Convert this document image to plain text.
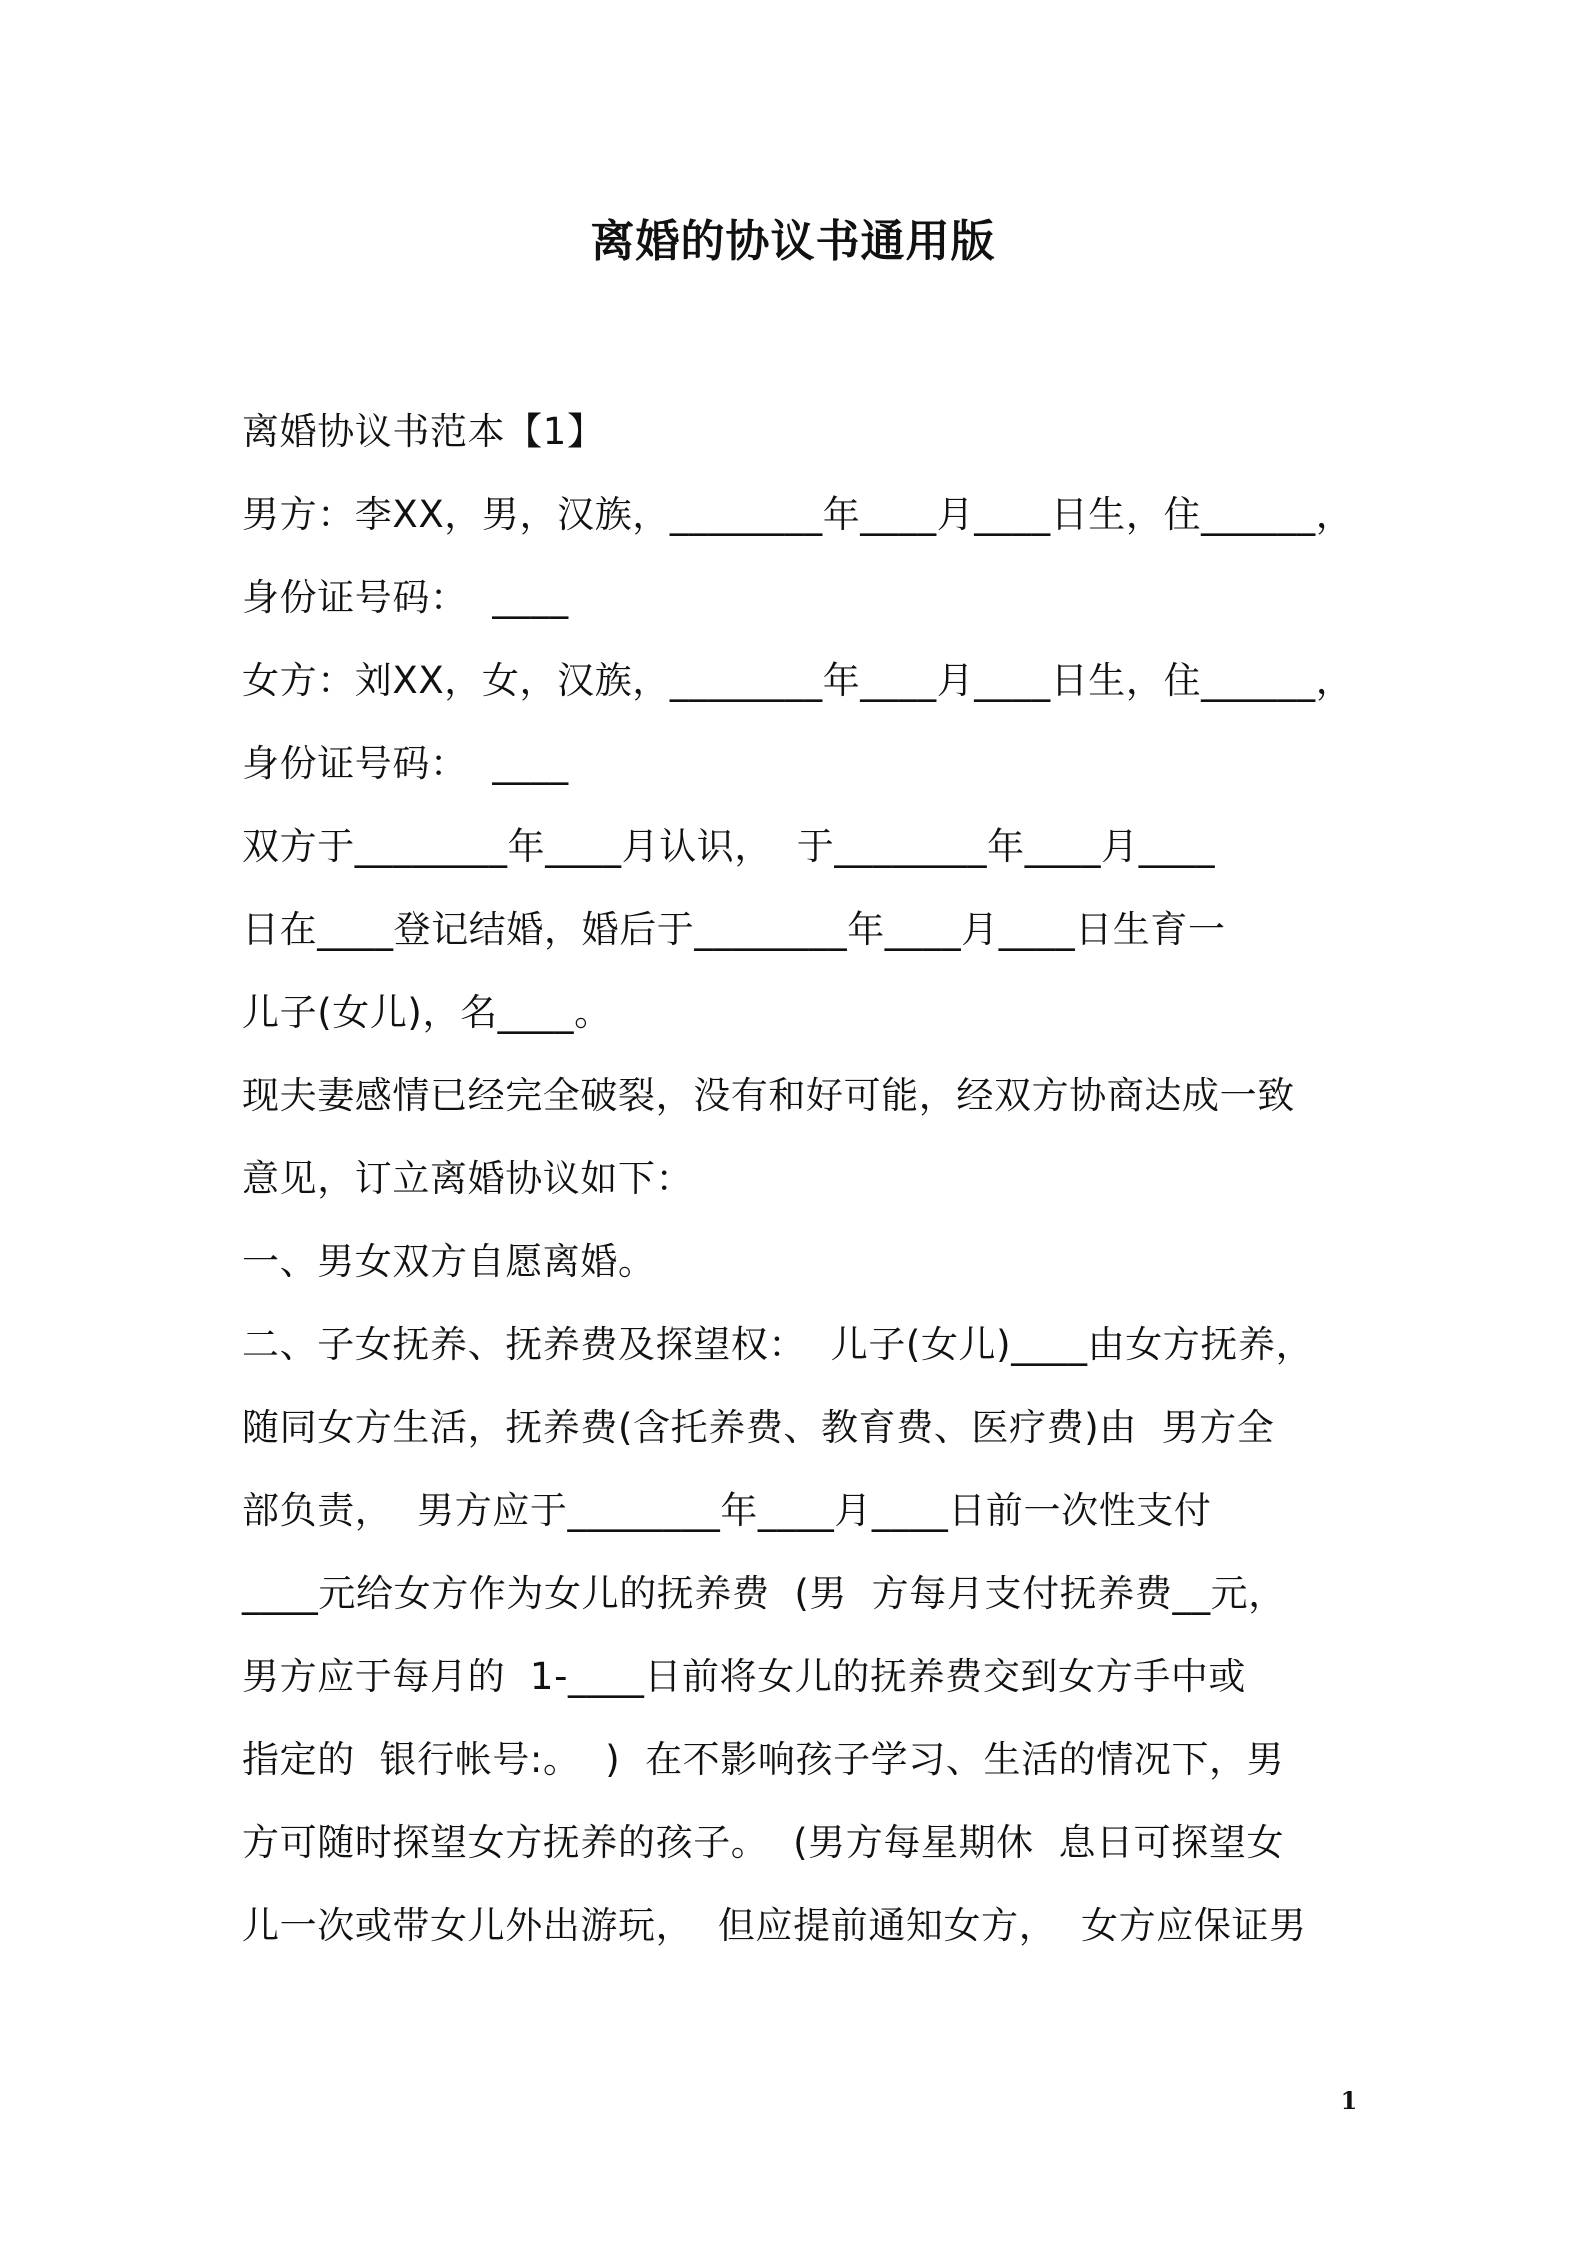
离婚的协议书通用版
离婚协议书范本【1】
男方：李XX，男，汉族，________年____月____日生，住______，
身份证号码：  ____
女方：刘XX，女，汉族，________年____月____日生，住______，
身份证号码：  ____
双方于________年____月认识，  于________年____月____
日在____登记结婚，婚后于________年____月____日生育一
儿子(女儿)，名____。
现夫妻感情已经完全破裂，没有和好可能，经双方协商达成一致
意见，订立离婚协议如下：
一、男女双方自愿离婚。
二、子女抚养、抚养费及探望权：  儿子(女儿)____由女方抚养，
随同女方生活，抚养费(含托养费、教育费、医疗费)由  男方全
部负责，  男方应于________年____月____日前一次性支付
____元给女方作为女儿的抚养费  (男  方每月支付抚养费__元，
男方应于每月的  1-____日前将女儿的抚养费交到女方手中或
指定的  银行帐号:。  )  在不影响孩子学习、生活的情况下，男
方可随时探望女方抚养的孩子。  (男方每星期休  息日可探望女
儿一次或带女儿外出游玩，  但应提前通知女方，  女方应保证男
1
